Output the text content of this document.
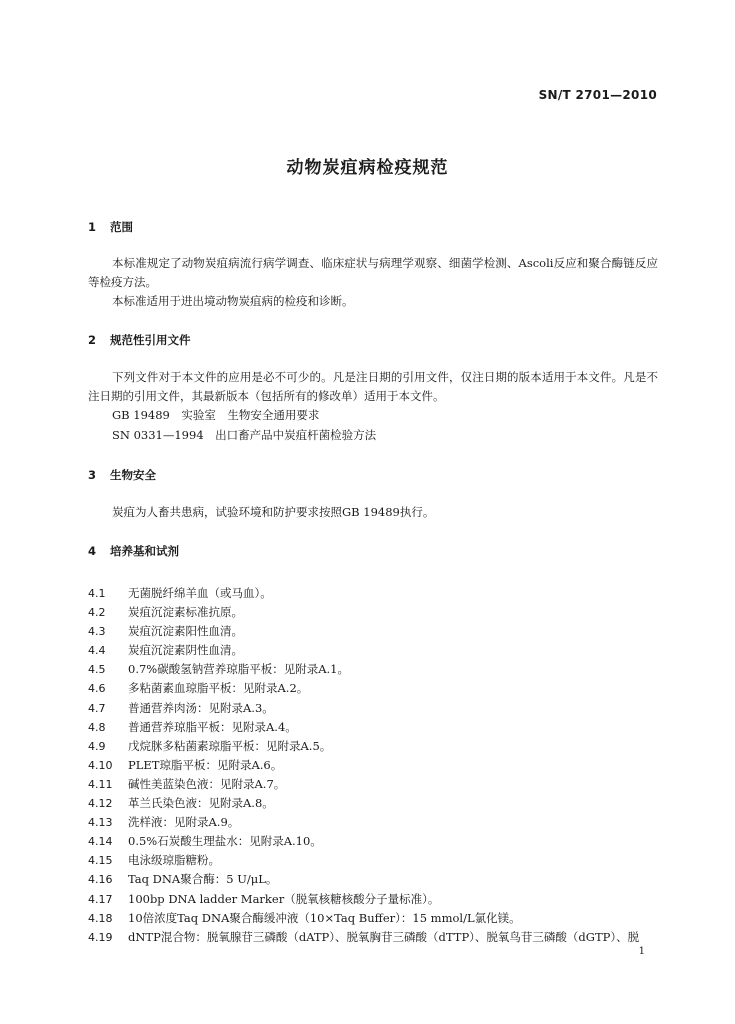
SN/T 2701—2010
动物炭疽病检疫规范
1 范围
本标准规定了动物炭疽病流行病学调查、临床症状与病理学观察、细菌学检测、Ascoli反应和聚合酶链反应等检疫方法。
本标准适用于进出境动物炭疽病的检疫和诊断。
2 规范性引用文件
下列文件对于本文件的应用是必不可少的。凡是注日期的引用文件，仅注日期的版本适用于本文件。凡是不注日期的引用文件，其最新版本（包括所有的修改单）适用于本文件。
GB 19489　实验室　生物安全通用要求
SN 0331—1994　出口畜产品中炭疽杆菌检验方法
3 生物安全
炭疽为人畜共患病，试验环境和防护要求按照GB 19489执行。
4 培养基和试剂
4.1 无菌脱纤绵羊血（或马血）。
4.2 炭疽沉淀素标准抗原。
4.3 炭疽沉淀素阳性血清。
4.4 炭疽沉淀素阴性血清。
4.5 0.7%碳酸氢钠营养琼脂平板：见附录A.1。
4.6 多粘菌素血琼脂平板：见附录A.2。
4.7 普通营养肉汤：见附录A.3。
4.8 普通营养琼脂平板：见附录A.4。
4.9 戊烷脒多粘菌素琼脂平板：见附录A.5。
4.10 PLET琼脂平板：见附录A.6。
4.11 碱性美蓝染色液：见附录A.7。
4.12 革兰氏染色液：见附录A.8。
4.13 洗样液：见附录A.9。
4.14 0.5%石炭酸生理盐水：见附录A.10。
4.15 电泳级琼脂糖粉。
4.16 Taq DNA聚合酶：5 U/μL。
4.17 100bp DNA ladder Marker（脱氧核糖核酸分子量标准）。
4.18 10倍浓度Taq DNA聚合酶缓冲液（10×Taq Buffer）：15 mmol/L氯化镁。
4.19 dNTP混合物：脱氧腺苷三磷酸（dATP）、脱氧胸苷三磷酸（dTTP）、脱氧鸟苷三磷酸（dGTP）、脱
1
